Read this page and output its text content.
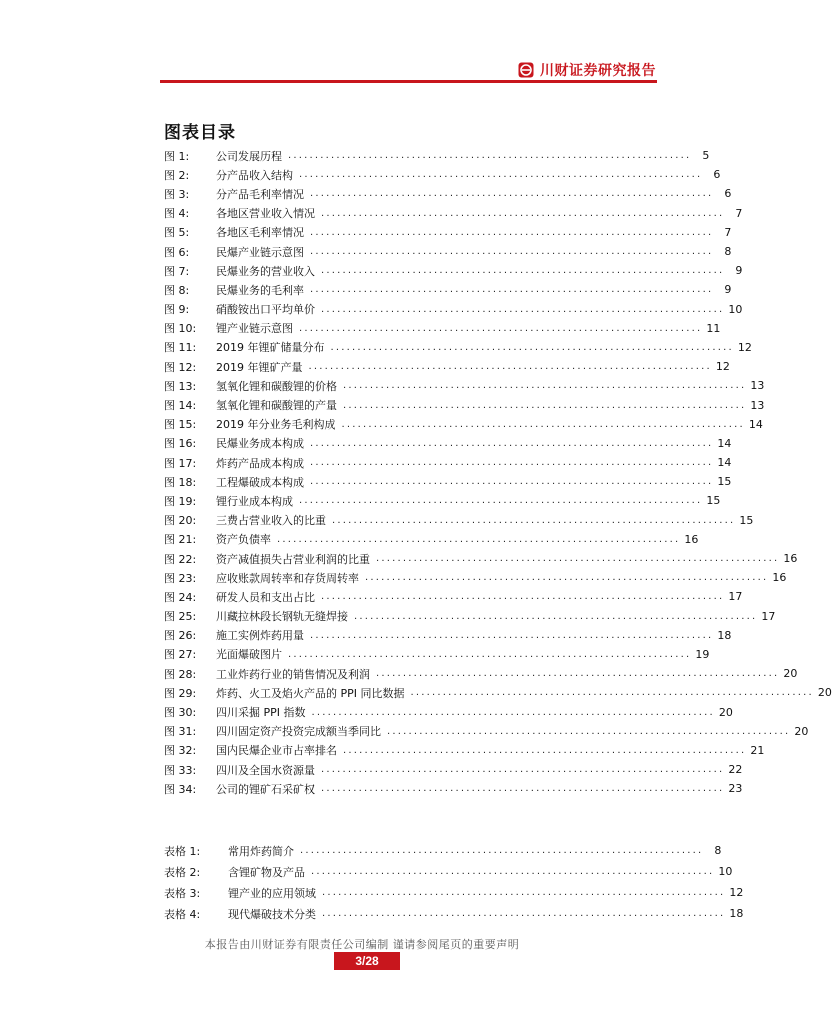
川财证券研究报告
图表目录
图 1:	公司发展历程 ...........................................................................	5
图 2:	分产品收入结构 ...........................................................................	6
图 3:	分产品毛利率情况 ...........................................................................	6
图 4:	各地区营业收入情况 ...........................................................................	7
图 5:	各地区毛利率情况 ...........................................................................	7
图 6:	民爆产业链示意图 ...........................................................................	8
图 7:	民爆业务的营业收入 ...........................................................................	9
图 8:	民爆业务的毛利率 ...........................................................................	9
图 9:	硝酸铵出口平均单价 ........................................................................... 10
图 10:	锂产业链示意图 ........................................................................... 11
图 11:	2019 年锂矿储量分布 ........................................................................... 12
图 12:	2019 年锂矿产量 ........................................................................... 12
图 13:	氢氧化锂和碳酸锂的价格 ........................................................................... 13
图 14:	氢氧化锂和碳酸锂的产量 ........................................................................... 13
图 15:	2019 年分业务毛利构成 ........................................................................... 14
图 16:	民爆业务成本构成 ........................................................................... 14
图 17:	炸药产品成本构成 ........................................................................... 14
图 18:	工程爆破成本构成 ........................................................................... 15
图 19:	锂行业成本构成 ........................................................................... 15
图 20:	三费占营业收入的比重 ........................................................................... 15
图 21:	资产负债率 ........................................................................... 16
图 22:	资产减值损失占营业利润的比重 ........................................................................... 16
图 23:	应收账款周转率和存货周转率 ........................................................................... 16
图 24:	研发人员和支出占比 ........................................................................... 17
图 25:	川藏拉林段长钢轨无缝焊接 ........................................................................... 17
图 26:	施工实例炸药用量 ........................................................................... 18
图 27:	光面爆破图片 ........................................................................... 19
图 28:	工业炸药行业的销售情况及利润 ........................................................................... 20
图 29:	炸药、火工及焰火产品的 PPI 同比数据 ........................................................................... 20
图 30:	四川采掘 PPI 指数 ........................................................................... 20
图 31:	四川固定资产投资完成额当季同比 ........................................................................... 20
图 32:	国内民爆企业市占率排名 ........................................................................... 21
图 33:	四川及全国水资源量 ........................................................................... 22
图 34:	公司的锂矿石采矿权 ........................................................................... 23
表格 1:	常用炸药简介 ...........................................................................	8
表格 2:	含锂矿物及产品 ........................................................................... 10
表格 3:	锂产业的应用领域 ........................................................................... 12
表格 4:	现代爆破技术分类 ........................................................................... 18
本报告由川财证券有限责任公司编制 谨请参阅尾页的重要声明
3/28
